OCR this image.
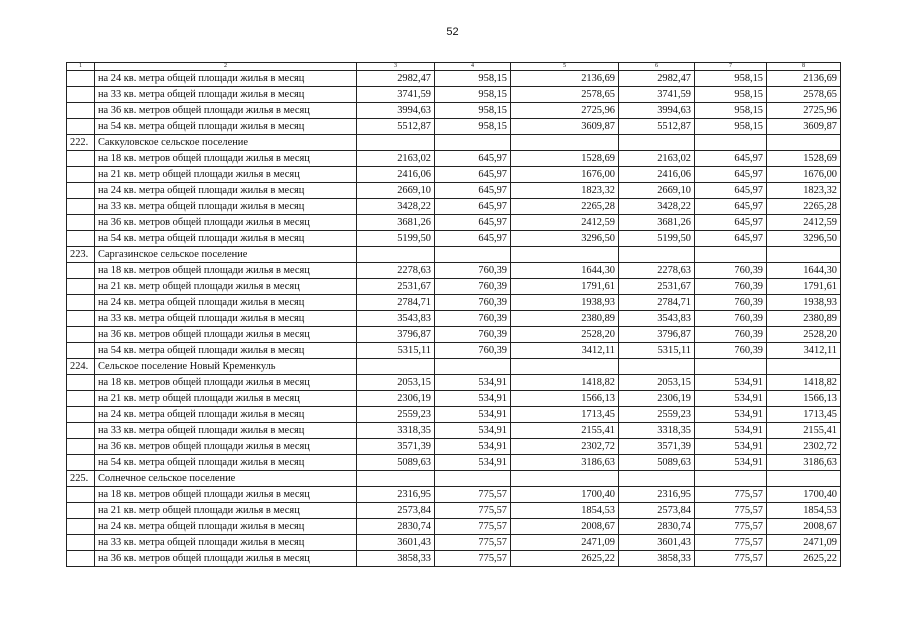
52
1	2	3	4	5	6	7	8
	на 24 кв. метра общей площади жилья в месяц	2982,47	958,15	2136,69	2982,47	958,15	2136,69
	на 33 кв. метра общей площади жилья в месяц	3741,59	958,15	2578,65	3741,59	958,15	2578,65
	на 36 кв. метров общей площади жилья в месяц	3994,63	958,15	2725,96	3994,63	958,15	2725,96
	на 54 кв. метра общей площади жилья в месяц	5512,87	958,15	3609,87	5512,87	958,15	3609,87
222.	Саккуловское сельское поселение						
	на 18 кв. метров общей площади жилья в месяц	2163,02	645,97	1528,69	2163,02	645,97	1528,69
	на 21 кв. метр общей площади жилья в месяц	2416,06	645,97	1676,00	2416,06	645,97	1676,00
	на 24 кв. метра общей площади жилья в месяц	2669,10	645,97	1823,32	2669,10	645,97	1823,32
	на 33 кв. метра общей площади жилья в месяц	3428,22	645,97	2265,28	3428,22	645,97	2265,28
	на 36 кв. метров общей площади жилья в месяц	3681,26	645,97	2412,59	3681,26	645,97	2412,59
	на 54 кв. метра общей площади жилья в месяц	5199,50	645,97	3296,50	5199,50	645,97	3296,50
223.	Саргазинское сельское поселение						
	на 18 кв. метров общей площади жилья в месяц	2278,63	760,39	1644,30	2278,63	760,39	1644,30
	на 21 кв. метр общей площади жилья в месяц	2531,67	760,39	1791,61	2531,67	760,39	1791,61
	на 24 кв. метра общей площади жилья в месяц	2784,71	760,39	1938,93	2784,71	760,39	1938,93
	на 33 кв. метра общей площади жилья в месяц	3543,83	760,39	2380,89	3543,83	760,39	2380,89
	на 36 кв. метров общей площади жилья в месяц	3796,87	760,39	2528,20	3796,87	760,39	2528,20
	на 54 кв. метра общей площади жилья в месяц	5315,11	760,39	3412,11	5315,11	760,39	3412,11
224.	Сельское поселение Новый Кременкуль						
	на 18 кв. метров общей площади жилья в месяц	2053,15	534,91	1418,82	2053,15	534,91	1418,82
	на 21 кв. метр общей площади жилья в месяц	2306,19	534,91	1566,13	2306,19	534,91	1566,13
	на 24 кв. метра общей площади жилья в месяц	2559,23	534,91	1713,45	2559,23	534,91	1713,45
	на 33 кв. метра общей площади жилья в месяц	3318,35	534,91	2155,41	3318,35	534,91	2155,41
	на 36 кв. метров общей площади жилья в месяц	3571,39	534,91	2302,72	3571,39	534,91	2302,72
	на 54 кв. метра общей площади жилья в месяц	5089,63	534,91	3186,63	5089,63	534,91	3186,63
225.	Солнечное сельское поселение						
	на 18 кв. метров общей площади жилья в месяц	2316,95	775,57	1700,40	2316,95	775,57	1700,40
	на 21 кв. метр общей площади жилья в месяц	2573,84	775,57	1854,53	2573,84	775,57	1854,53
	на 24 кв. метра общей площади жилья в месяц	2830,74	775,57	2008,67	2830,74	775,57	2008,67
	на 33 кв. метра общей площади жилья в месяц	3601,43	775,57	2471,09	3601,43	775,57	2471,09
	на 36 кв. метров общей площади жилья в месяц	3858,33	775,57	2625,22	3858,33	775,57	2625,22
